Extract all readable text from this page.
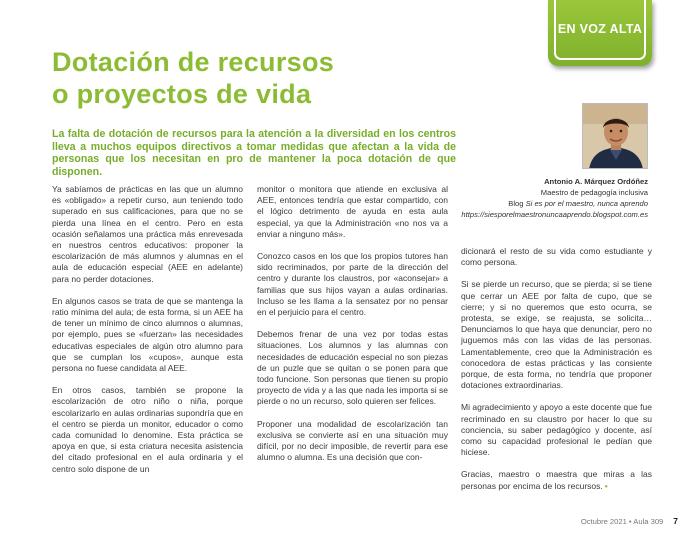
EN VOZ ALTA
Dotación de recursos
o proyectos de vida

La falta de dotación de recursos para la atención a la diversidad en los centros lleva a muchos equipos directivos a tomar medidas que afectan a la vida de personas que los necesitan en pro de mantener la poca dotación de que disponen.

Antonio A. Márquez Ordóñez
Maestro de pedagogía inclusiva
Blog Si es por el maestro, nunca aprendo
https://siesporelmaestronuncaaprendo.blogspot.com.es

Ya sabíamos de prácticas en las que un alumno es «obligado» a repetir curso, aun teniendo todo superado en sus calificaciones, para que no se pierda una línea en el centro. Pero en esta ocasión señalamos una práctica más enrevesada en nuestros centros educativos: proponer la escolarización de más alumnos y alumnas en el aula de educación especial (AEE en adelante) para no perder dotaciones.

En algunos casos se trata de que se mantenga la ratio mínima del aula; de esta forma, si un AEE ha de tener un mínimo de cinco alumnos o alumnas, por ejemplo, pues se «fuerzan» las necesidades educativas especiales de algún otro alumno para que se cumplan los «cupos», aunque esta persona no fuese candidata al AEE.

En otros casos, también se propone la escolarización de otro niño o niña, porque escolarizarlo en aulas ordinarias supondría que en el centro se pierda un monitor, educador o como cada comunidad lo denomine. Esta práctica se apoya en que, si esta criatura necesita asistencia del citado profesional en el aula ordinaria y el centro solo dispone de un

monitor o monitora que atiende en exclusiva al AEE, entonces tendría que estar compartido, con el lógico detrimento de ayuda en esta aula especial, ya que la Administración «no nos va a enviar a ninguno más».

Conozco casos en los que los propios tutores han sido recriminados, por parte de la dirección del centro y durante los claustros, por «aconsejar» a familias que sus hijos vayan a aulas ordinarias. Incluso se les llama a la sensatez por no pensar en el perjuicio para el centro.

Debemos frenar de una vez por todas estas situaciones. Los alumnos y las alumnas con necesidades de educación especial no son piezas de un puzle que se quitan o se ponen para que todo funcione. Son personas que tienen su propio proyecto de vida y a las que nada les importa si se pierde o no un recurso, solo quieren ser felices.

Proponer una modalidad de escolarización tan exclusiva se convierte así en una situación muy difícil, por no decir imposible, de revertir para ese alumno o alumna. Es una decisión que con-

dicionará el resto de su vida como estudiante y como persona.

Si se pierde un recurso, que se pierda; si se tiene que cerrar un AEE por falta de cupo, que se cierre; y si no queremos que esto ocurra, se protesta, se exige, se reajusta, se solicita… Denunciamos lo que haya que denunciar, pero no juguemos más con las vidas de las personas. Lamentablemente, creo que la Administración es conocedora de estas prácticas y las consiente porque, de esta forma, no tendría que proponer dotaciones extraordinarias.

Mi agradecimiento y apoyo a este docente que fue recriminado en su claustro por hacer lo que su conciencia, su saber pedagógico y docente, así como su capacidad profesional le pedían que hiciese.

Gracias, maestro o maestra que miras a las personas por encima de los recursos. •
Octubre 2021 • Aula 309 7
